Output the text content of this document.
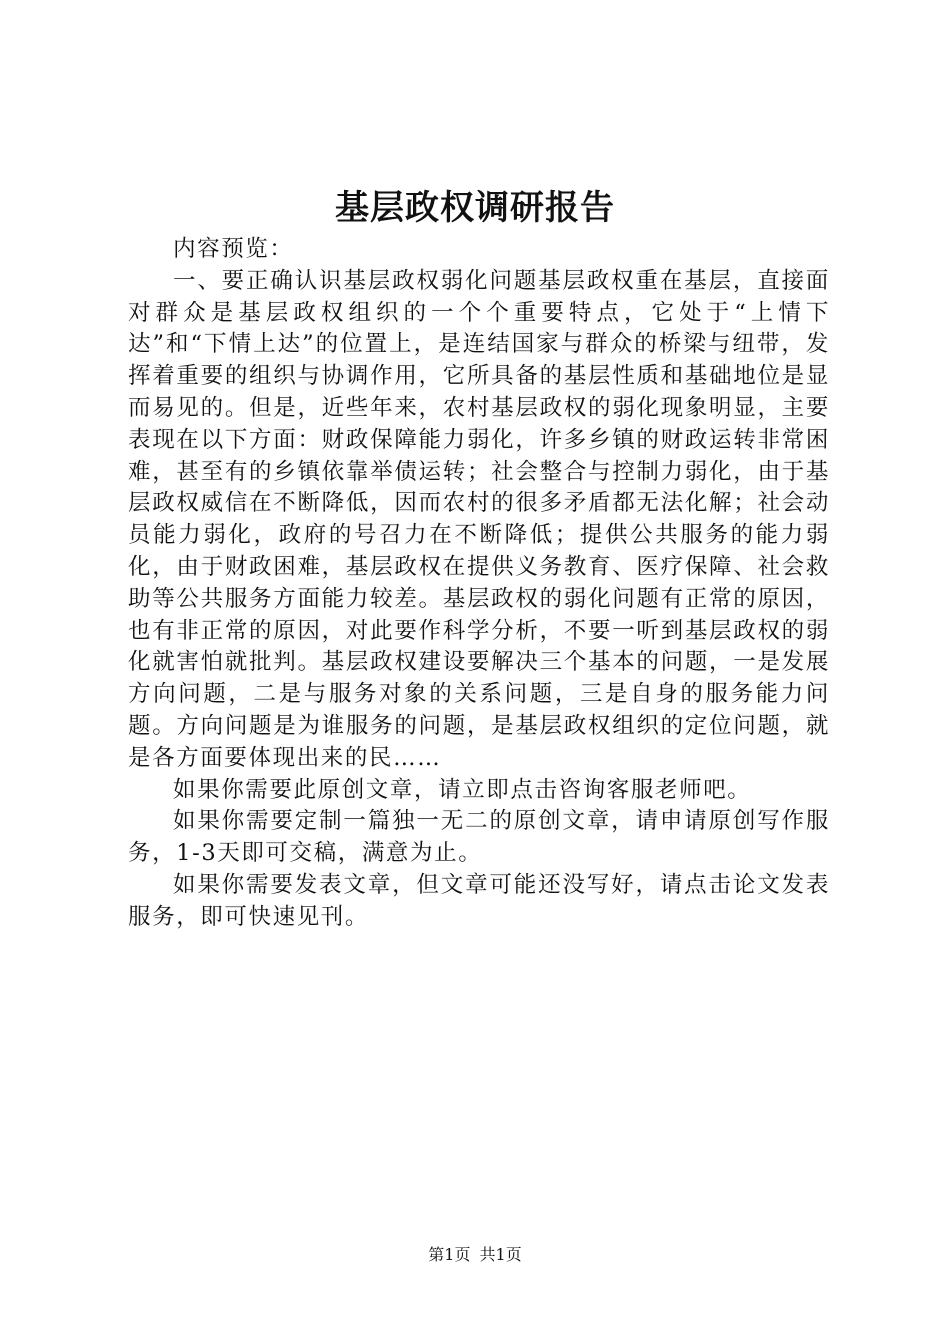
基层政权调研报告

内容预览：

一、要正确认识基层政权弱化问题基层政权重在基层，直接面对群众是基层政权组织的一个个重要特点，它处于“上情下达”和“下情上达”的位置上，是连结国家与群众的桥梁与纽带，发挥着重要的组织与协调作用，它所具备的基层性质和基础地位是显而易见的。但是，近些年来，农村基层政权的弱化现象明显，主要表现在以下方面：财政保障能力弱化，许多乡镇的财政运转非常困难，甚至有的乡镇依靠举债运转；社会整合与控制力弱化，由于基层政权威信在不断降低，因而农村的很多矛盾都无法化解；社会动员能力弱化，政府的号召力在不断降低；提供公共服务的能力弱化，由于财政困难，基层政权在提供义务教育、医疗保障、社会救助等公共服务方面能力较差。基层政权的弱化问题有正常的原因，也有非正常的原因，对此要作科学分析，不要一听到基层政权的弱化就害怕就批判。基层政权建设要解决三个基本的问题，一是发展方向问题，二是与服务对象的关系问题，三是自身的服务能力问题。方向问题是为谁服务的问题，是基层政权组织的定位问题，就是各方面要体现出来的民……

如果你需要此原创文章，请立即点击咨询客服老师吧。

如果你需要定制一篇独一无二的原创文章，请申请原创写作服务，1-3天即可交稿，满意为止。

如果你需要发表文章，但文章可能还没写好，请点击论文发表服务，即可快速见刊。

第1页 共1页
